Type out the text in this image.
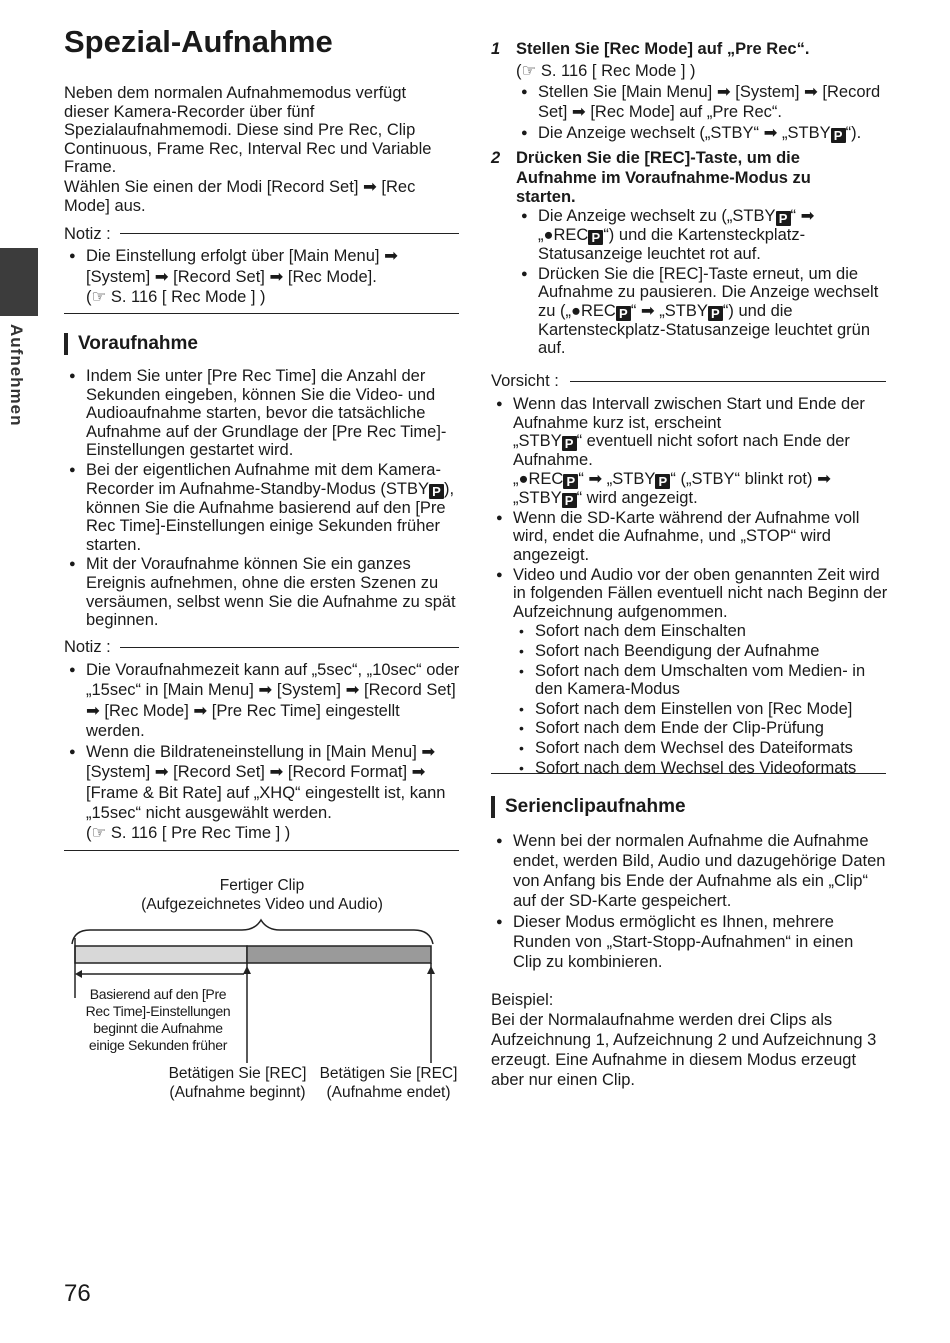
Aufnehmen
Spezial-Aufnahme
Neben dem normalen Aufnahmemodus verfügt
dieser Kamera-Recorder über fünf
Spezialaufnahmemodi. Diese sind Pre Rec, Clip
Continuous, Frame Rec, Interval Rec und Variable
Frame.
Wählen Sie einen der Modi [Record Set] ➡ [Rec
Mode] aus.
Notiz :
● Die Einstellung erfolgt über [Main Menu] ➡ [System] ➡ [Record Set] ➡ [Rec Mode].
(☞ S. 116 [ Rec Mode ] )
Voraufnahme
● Indem Sie unter [Pre Rec Time] die Anzahl der Sekunden eingeben, können Sie die Video- und Audioaufnahme starten, bevor die tatsächliche Aufnahme auf der Grundlage der [Pre Rec Time]-Einstellungen gestartet wird.
● Bei der eigentlichen Aufnahme mit dem Kamera-Recorder im Aufnahme-Standby-Modus (STBY P ), können Sie die Aufnahme basierend auf den [Pre Rec Time]-Einstellungen einige Sekunden früher starten.
● Mit der Voraufnahme können Sie ein ganzes Ereignis aufnehmen, ohne die ersten Szenen zu versäumen, selbst wenn Sie die Aufnahme zu spät beginnen.
Notiz :
● Die Voraufnahmezeit kann auf „5sec“, „10sec“ oder „15sec“ in [Main Menu] ➡ [System] ➡ [Record Set] ➡ [Rec Mode] ➡ [Pre Rec Time] eingestellt werden.
● Wenn die Bildrateneinstellung in [Main Menu] ➡ [System] ➡ [Record Set] ➡ [Record Format] ➡ [Frame & Bit Rate] auf „XHQ“ eingestellt ist, kann „15sec“ nicht ausgewählt werden.
(☞ S. 116 [ Pre Rec Time ] )
Fertiger Clip
(Aufgezeichnetes Video und Audio)
Basierend auf den [Pre
Rec Time]-Einstellungen
beginnt die Aufnahme
einige Sekunden früher
Betätigen Sie [REC]
(Aufnahme beginnt)
Betätigen Sie [REC]
(Aufnahme endet)
1 Stellen Sie [Rec Mode] auf „Pre Rec“.
(☞ S. 116 [ Rec Mode ] )
● Stellen Sie [Main Menu] ➡ [System] ➡ [Record Set] ➡ [Rec Mode] auf „Pre Rec“.
● Die Anzeige wechselt („STBY“ ➡ „STBY P “).
2 Drücken Sie die [REC]-Taste, um die Aufnahme im Voraufnahme-Modus zu starten.
● Die Anzeige wechselt zu („STBY P “ ➡
„●REC P “) und die Kartensteckplatz-Statusanzeige leuchtet rot auf.
● Drücken Sie die [REC]-Taste erneut, um die Aufnahme zu pausieren. Die Anzeige wechselt zu („●REC P “ ➡ „STBY P “) und die Kartensteckplatz-Statusanzeige leuchtet grün auf.
Vorsicht :
● Wenn das Intervall zwischen Start und Ende der Aufnahme kurz ist, erscheint
„STBY P “ eventuell nicht sofort nach Ende der Aufnahme.
„●REC P “ ➡ „STBY P “ („STBY“ blinkt rot) ➡
„STBY P “ wird angezeigt.
● Wenn die SD-Karte während der Aufnahme voll wird, endet die Aufnahme, und „STOP“ wird angezeigt.
● Video und Audio vor der oben genannten Zeit wird in folgenden Fällen eventuell nicht nach Beginn der Aufzeichnung aufgenommen.
• Sofort nach dem Einschalten
• Sofort nach Beendigung der Aufnahme
• Sofort nach dem Umschalten vom Medien- in den Kamera-Modus
• Sofort nach dem Einstellen von [Rec Mode]
• Sofort nach dem Ende der Clip-Prüfung
• Sofort nach dem Wechsel des Dateiformats
• Sofort nach dem Wechsel des Videoformats
Serienclipaufnahme
● Wenn bei der normalen Aufnahme die Aufnahme endet, werden Bild, Audio und dazugehörige Daten von Anfang bis Ende der Aufnahme als ein „Clip“ auf der SD-Karte gespeichert.
● Dieser Modus ermöglicht es Ihnen, mehrere Runden von „Start-Stopp-Aufnahmen“ in einen Clip zu kombinieren.
Beispiel:
Bei der Normalaufnahme werden drei Clips als Aufzeichnung 1, Aufzeichnung 2 und Aufzeichnung 3 erzeugt. Eine Aufnahme in diesem Modus erzeugt aber nur einen Clip.
76
